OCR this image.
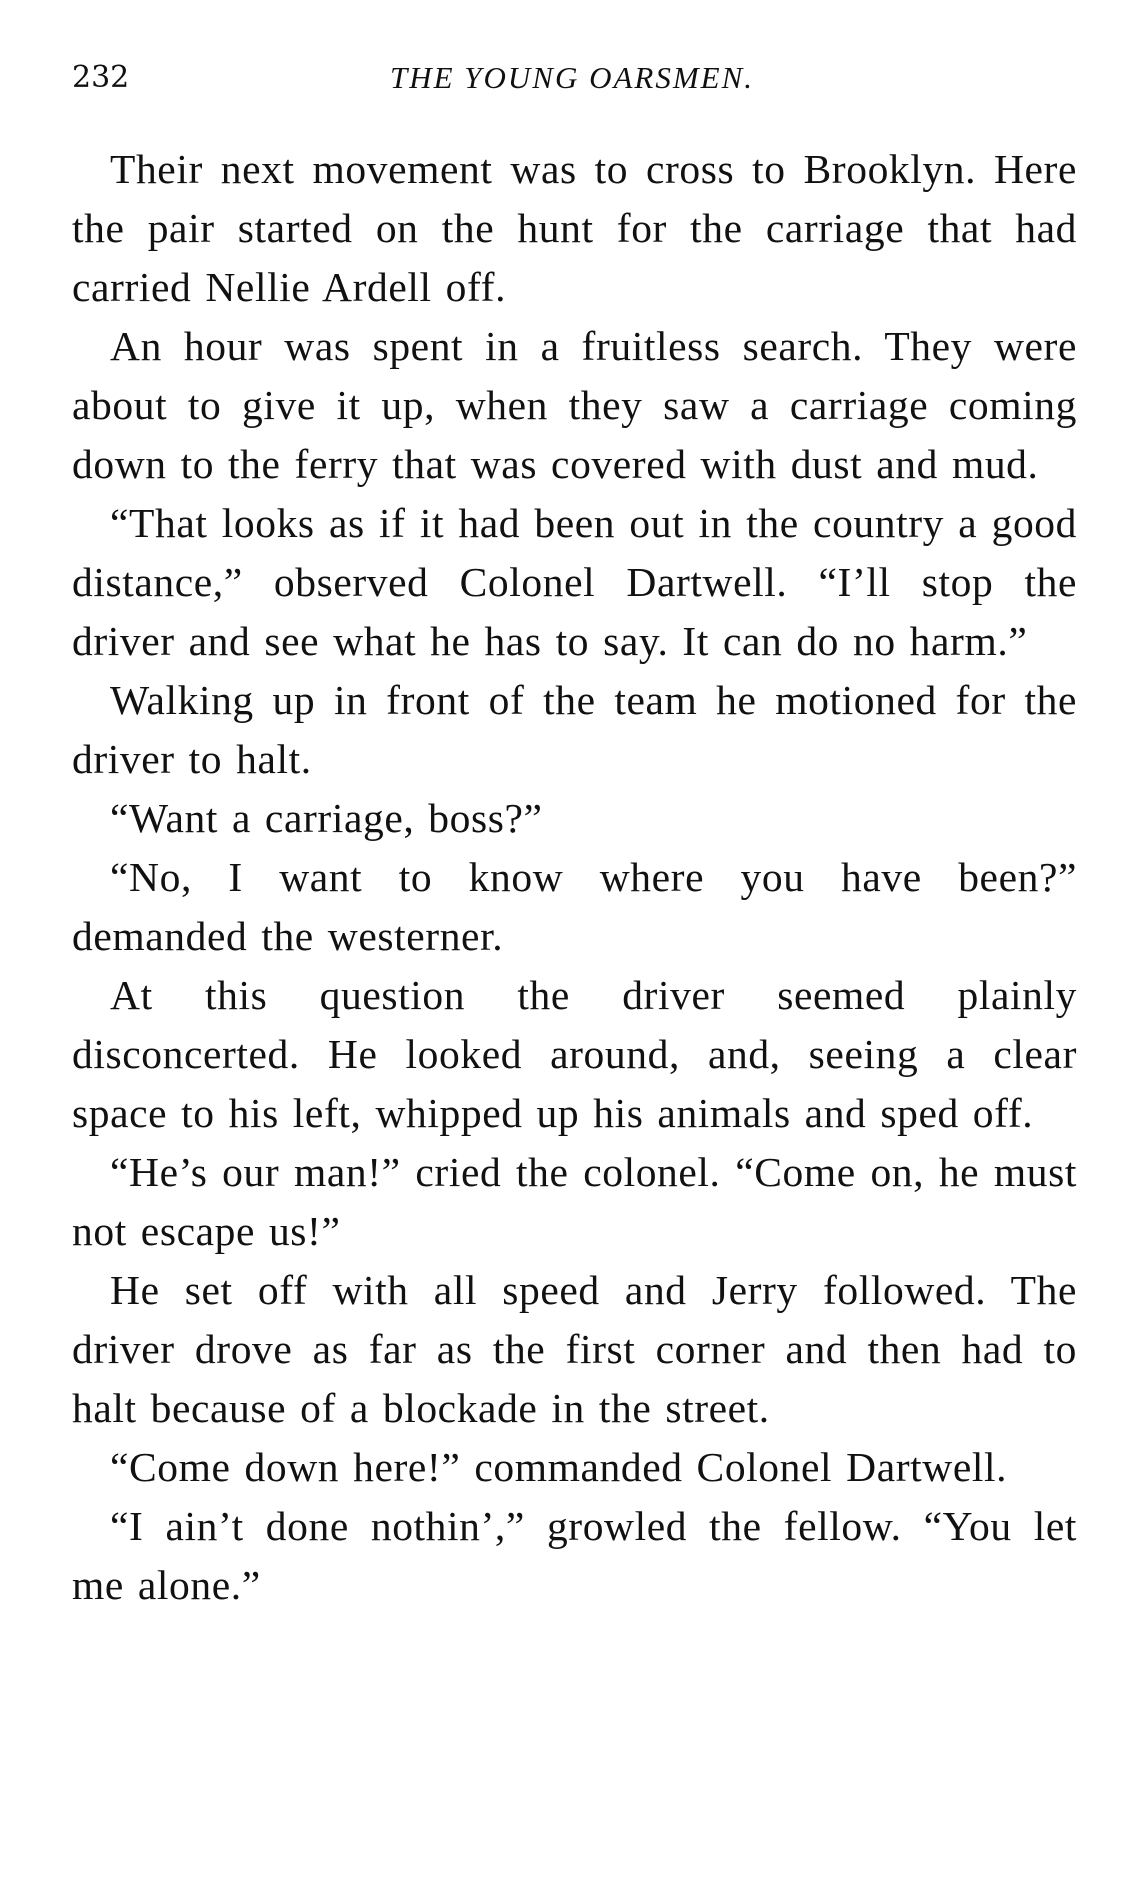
232	THE YOUNG OARSMEN.

Their next movement was to cross to Brooklyn. Here the pair started on the hunt for the carriage that had carried Nellie Ardell off.

An hour was spent in a fruitless search. They were about to give it up, when they saw a carriage coming down to the ferry that was covered with dust and mud.

“That looks as if it had been out in the country a good distance,” observed Colonel Dartwell. “I’ll stop the driver and see what he has to say. It can do no harm.”

Walking up in front of the team he motioned for the driver to halt.

“Want a carriage, boss?”

“No, I want to know where you have been?” demanded the westerner.

At this question the driver seemed plainly disconcerted. He looked around, and, seeing a clear space to his left, whipped up his animals and sped off.

“He’s our man!” cried the colonel. “Come on, he must not escape us!”

He set off with all speed and Jerry followed. The driver drove as far as the first corner and then had to halt because of a blockade in the street.

“Come down here!” commanded Colonel Dartwell.

“I ain’t done nothin’,” growled the fellow. “You let me alone.”
